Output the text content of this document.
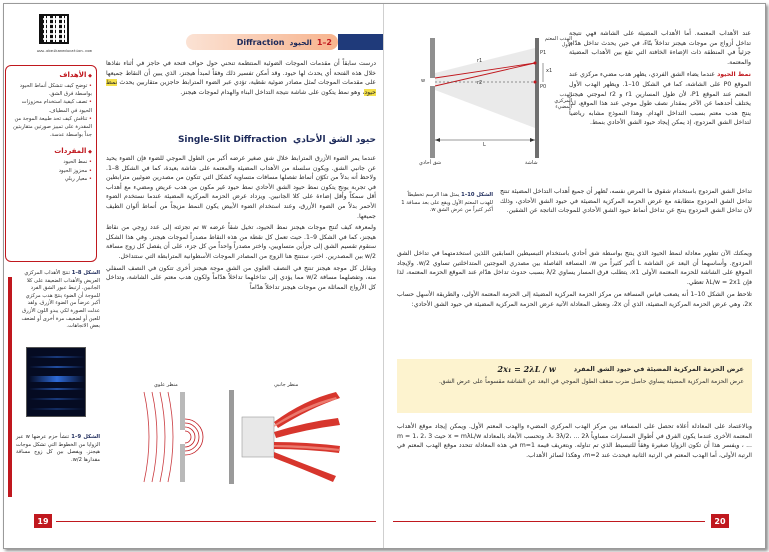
www.obeikaneducation.com
Diffraction الحيود 1–2
◆ الأهداف
• توضح كيف تتشكل أنماط الحيود بواسطة فرق الشق.
• تصف كيفية استخدام محزوزات الحيود في المطياف.
• تناقش كيف تحد طبيعة الموجة من المقدرة على تمييز صورتين متقاربتين جداً بواسطة عدسة.
◆ المفردات
• نمط الحيود
• محزوز الحيود
• معيار ريلي
الشكل 8–1 تنتج الأهداب المركزي العريض والأهداب الضعيفة على كلا الجانبين. ارتبط عبور الشق الفرد للموجة أن الضوء ينتج هدب مركزي أكبر عرضاً من الضوء الأزرق. ولقد عدلت الصورة لكي يبدو اللون الأزرق للعين أو لضعيف مرة أخرى أو لضعف بعض الاتجاهات.
الشكل 9–1 تنشأ حزم عرضها w عبر الزوايا من الخطوط التي تشكل موجات هيجنز. ويفصل بين كل زوج مسافة مقدارها w/2.
درست سابقاً أن مقدمات الموجات الضوئية المنتظمة تنحني حول حواف فتحة في حاجز في أثناء نفاذها خلال هذه الفتحة أي يحدث لها حيود. وقد أمكن تفسير ذلك وفقاً لمبدأ هيجنز، الذي يبين أن النقاط جميعها على مقدمات الموجات تُمثل مصادر ضوئية نقطية، تؤدي عبر الضوء المترابط حاجزين متقاربين يحدث نمط حيود، وهو نمط يتكون على شاشة نتيجة التداخل البناء والهدام لموجات هيجنز.
Single-Slit Diffraction حيود الشق الأحادي

عندما يمر الضوء الأزرق المترابط خلال شق صغير عرضه أكبر من الطول الموجي للضوء فإن الضوء يحيد عن جانبي الشق. ويكون سلسلة من الأهداب المضيئة والمعتمة على شاشة بعيدة، كما في الشكل 8–1. ولاحظ أنه بدلاً من تكوّن أنماط تفصلها مسافات متساوية كشكل التي تتكون من مصدرين ضوئيين مترابطين في تجربة يونج يتكون نمط حيود الشق الأحادي نمط حيود غير مكون من هدب عريض ومضيء مع أهداب أقل سمكاً وأقل إضاءة على كلا الجانبين. ويزداد عرض الحزمة المركزية المضيئة عندما نستخدم الضوء الأحمر بدلاً من الضوء الأزرق، وعند استخدام الضوء الأبيض يكون النمط مزيجاً من أنماط ألوان الطيف جميعها.

ولمعرفة كيف تُنتج موجات هيجنز نمط الحيود، تخيل شقاً عرضه w تم تجزئته إلى عدد زوجي من نقاط هيجنز، كما في الشكل 9–1. حيث تعمل كل نقطة من هذه النقاط مصدراً لموجات هيجنز. وفي هذا الشكل سنقوم تقسيم الشق إلى جزأين متساويين، واختر مصدراً واحداً من كل جزء، على أن يفصل كل زوج مسافة w/2 بين المصدرين. اختر، ستنتج هنا الزوج من المصادر الموجات الأسطوانية المترابطة التي ستتداخل.

ويقابل كل موجة هيجنز تنتج في النصف العلوي من الشق موجة هيجنز أخرى تتكون في النصف السفلي منه، وتفصلهما مسافة w/2 مما يؤدي إلى تداخلهما تداخلاً هدّاماً ولكون هدب معتم على الشاشة، وتداخل كل الأزواج المماثلة من موجات هيجنز تداخلاً هدّاماً

منظر علوي	منظر جانبي
19

عند الأهداب المعتمة. أما الأهداب المضيئة على الشاشة فهي نتيجة تداخل أزواج من موجات هيجنز تداخلاً بنّاءً، في حين يحدث تداخل هدّام جزئياً في المنطقة ذات الإضاءة الخافتة التي تقع بين الأهداب المضيئة والمعتمة.

نمط الحيود عندما يضاء الشق الفردي، يظهر هدب مضيء مركزي عند الموقع P0 على الشاشة، كما في الشكل 10–1. ويظهر الهدب الأول المعتم عند الموقع P1، لأن طول المسارين r1 و r2 لموجتي هيجنز يختلف أحدهما عن الآخر بمقدار نصف طول موجي عند هذا الموقع، لذا ينتج هدب معتم بسبب التداخل الهدام. وهذا النموذج مشابه رياضياً لتداخل الشق المزدوج، إذ يمكن إيجاد حيود الشق الأحادي بنمط.

P1
P0
r1
r2
x1
L
w
الهدب المركزي المضيء
الهدب المعتم الأول
شق أحادي	شاشة
الشكل 10–1 يمثل هذا الرسم تخطيطاً للهدب المعتم الأول ويقع على بعد مسافة 1 أكبر كثيراً من عرض الشق w.
تداخل الشق المزدوج باستخدام شقوق ما المرض نفسه، تُظهر أن جميع أهداب التداخل المضيئة تنتج تداخل الشق المزدوج متطابقة مع عرض الحزمة المركزية المضيئة في حيود الشق الأحادي، وذلك لأن تداخل الشق المزدوج ينتج عن تداخل أنماط حيود الشق الأحادي للموجات الناتجة عن الشقين.

ويمكنك الآن تطوير معادلة لنمط الحيود الذي ينتج بواسطة شق أحادي باستخدام التبسيطين السابقين اللذين استخدمتهما في تداخل الشق المزدوج. وأساسهما أن البعد عن الشاشة L أكبر كثيراً من w، المسافة الفاصلة بين مصدري الموجتين المتداخلتين تساوي w/2. ولإيجاد الموقع على الشاشة للحزمة المعتمة الأولى x1، يتطلب فرق المسار يساوي λ/2 بسبب حدوث تداخل هدّام عند الموقع الحزمة المعتمة، لذا فإن λL/w = 2x1 تعطي.

تلاحظ من الشكل 10–1 أنه يصعب قياس المسافة من مركز الحزمة المركزية المضيئة إلى الحزمة المعتمة الأولى، والطريقة الأسهل حساب 2x، وهي عرض الحزمة المركزية المضيئة، الذي أن 2x، وتعطى المعادلة الآتية عرض الحزمة المركزية المضيئة في حيود الشق الأحادي:

عرض الحزمة المركزية المضيئة في حيود الشق المفرد
2x₁ = 2λL / w
عرض الحزمة المركزية المضيئة يساوي حاصل ضرب ضعف الطول الموجي في البعد عن الشاشة مقسوماً على عرض الشق.
وبالاعتماد على المعادلة أعلاه تحصل على المسافة بين مركز الهدب المركزي المضيء والهدب المعتم الأول. ويمكن إيجاد موقع الأهداب المعتمة الأخرى عندما يكون الفرق في أطوال المسارات مساوياً λ، 3λ/2، ... 2λ، وتحسب الأبعاد بالمعادلة x = mλL/w حيث m = 1، 2، 3 ... ، ويفسر هذا أن تكون الزوايا صغيرة وفقاً للتبسيط الذي تم تناوله. وبتعريف قيمة m=1 في هذه المعادلة تتحدد موقع الهدب المعتم في الرتبة الأولى، أما الهدب المعتم في الرتبة الثانية فيحدث عند m=2، وهكذا لسائر الأهداب.
20
